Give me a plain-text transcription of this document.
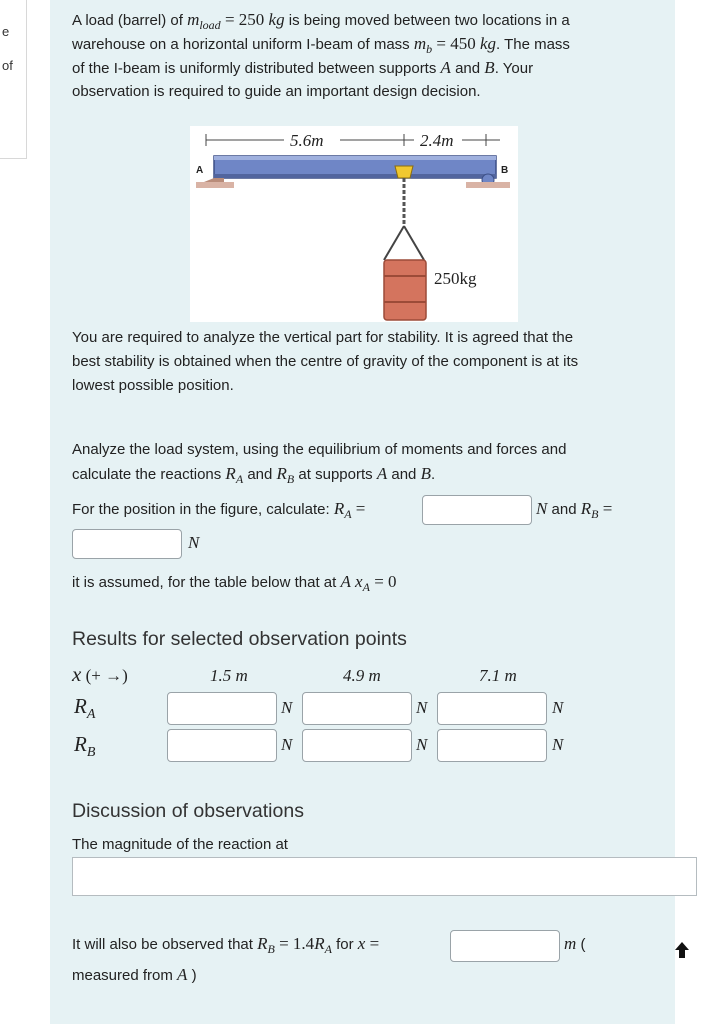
e
of
A load (barrel) of $m_{load} = 250$ kg is being moved between two locations in a
warehouse on a horizontal uniform I-beam of mass $m_b = 450$ kg. The mass
of the I-beam is uniformly distributed between supports A and B. Your
observation is required to guide an important design decision.
5.6m	2.4m
A	B
250kg
You are required to analyze the vertical part for stability. It is agreed that the
best stability is obtained when the centre of gravity of the component is at its
lowest possible position.
Analyze the load system, using the equilibrium of moments and forces and
calculate the reactions $R_A$ and $R_B$ at supports A and B.
For the position in the figure, calculate: $R_A$ =	N and $R_B$ =
N
it is assumed, for the table below that at A $x_A = 0$
Results for selected observation points
x (+ →)	1.5 m	4.9 m	7.1 m
$R_A$	N	N	N
$R_B$	N	N	N
Discussion of observations
The magnitude of the reaction at
It will also be observed that $R_B = 1.4R_A$ for x =	m (
measured from A )
